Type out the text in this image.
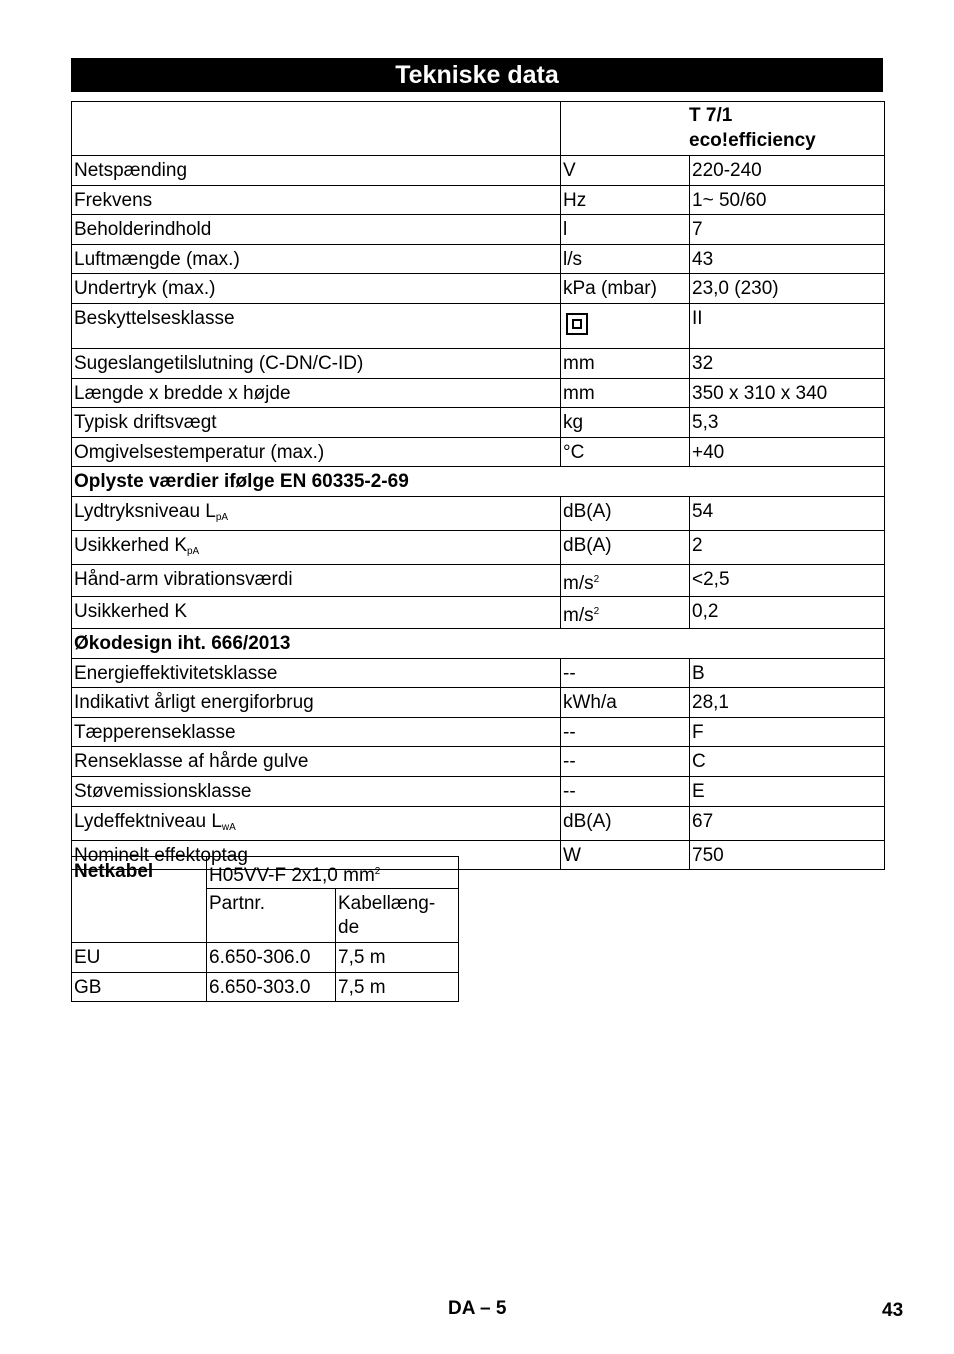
Tekniske data

	T 7/1
eco!efficiency	

Netspænding	V	220-240
Frekvens	Hz	1~ 50/60
Beholderindhold	l	7
Luftmængde (max.)	l/s	43
Undertryk (max.)	kPa (mbar)	23,0 (230)
Beskyttelsesklasse		II
Sugeslangetilslutning (C-DN/C-ID)	mm	32
Længde x bredde x højde	mm	350 x 310 x 340
Typisk driftsvægt	kg	5,3
Omgivelsestemperatur (max.)	°C	+40
Oplyste værdier ifølge EN 60335-2-69		
Lydtryksniveau $L_{pA}$	dB(A)	54
Usikkerhed $K_{pA}$	dB(A)	2
Hånd-arm vibrationsværdi	$m/s^2$	<2,5
Usikkerhed K	$m/s^2$	0,2
Økodesign iht. 666/2013		
Energieffektivitetsklasse	--	B
Indikativt årligt energiforbrug	kWh/a	28,1
Tæpperenseklasse	--	F
Renseklasse af hårde gulve	--	C
Støvemissionsklasse	--	E
Lydeffektniveau $L_{wA}$	dB(A)	67
Nominelt effektoptag	W	750
Netkabel	H05VV-F 2x1,0 $mm^2$
	Partnr.	Kabellæng-
de

EU	6.650-306.0	7,5 m
GB	6.650-303.0	7,5 m
DA – 5	43
